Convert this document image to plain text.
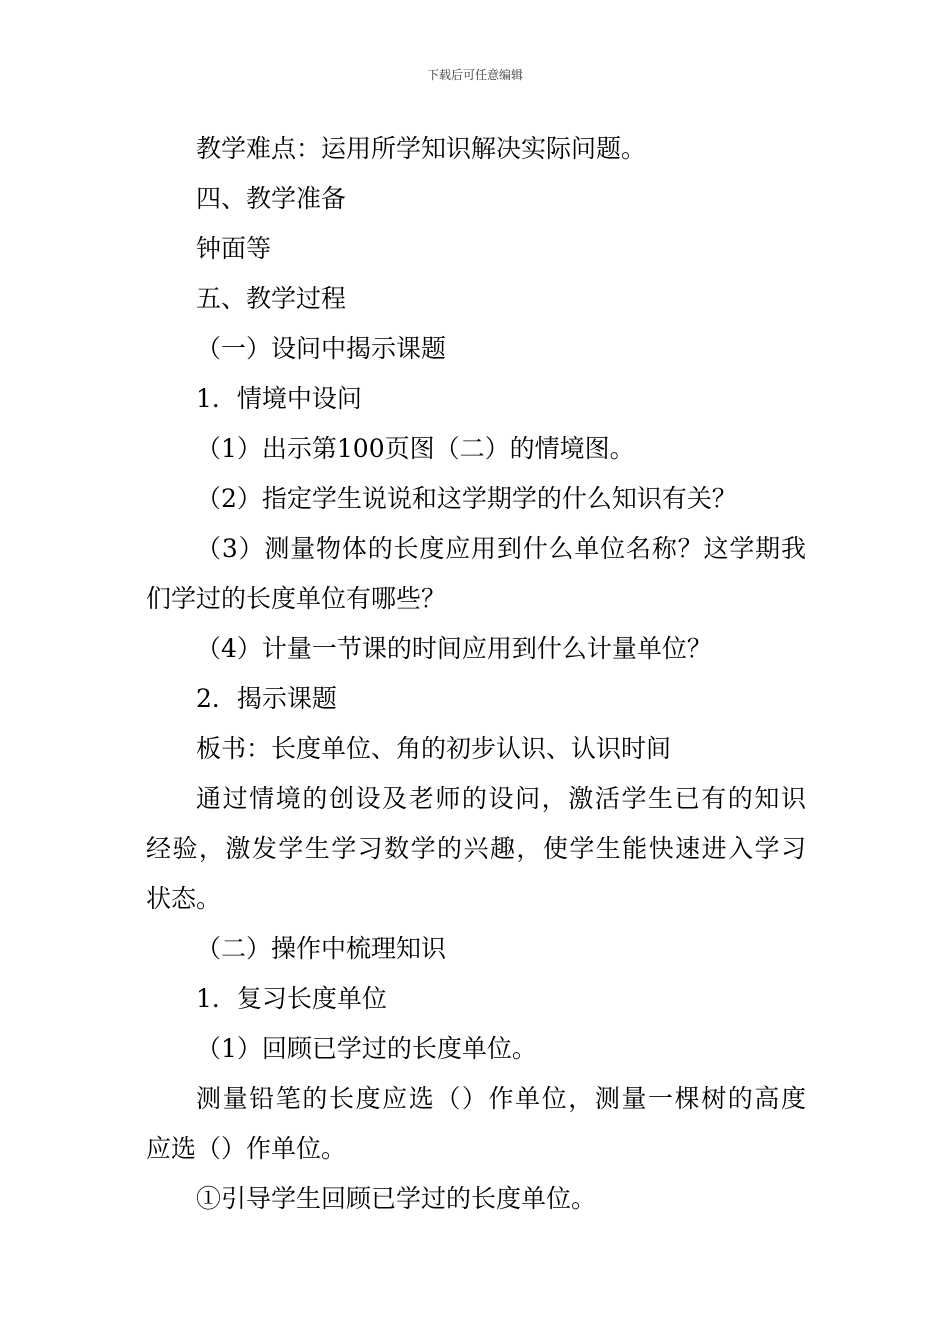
下载后可任意编辑
教学难点：运用所学知识解决实际问题。
四、教学准备
钟面等
五、教学过程
（一）设问中揭示课题
1．情境中设问
（1）出示第100页图（二）的情境图。
（2）指定学生说说和这学期学的什么知识有关？
（3）测量物体的长度应用到什么单位名称？这学期我
们学过的长度单位有哪些？
（4）计量一节课的时间应用到什么计量单位？
2．揭示课题
板书：长度单位、角的初步认识、认识时间
通过情境的创设及老师的设问，激活学生已有的知识
经验，激发学生学习数学的兴趣，使学生能快速进入学习
状态。
（二）操作中梳理知识
1．复习长度单位
（1）回顾已学过的长度单位。
测量铅笔的长度应选（）作单位，测量一棵树的高度
应选（）作单位。
①引导学生回顾已学过的长度单位。
